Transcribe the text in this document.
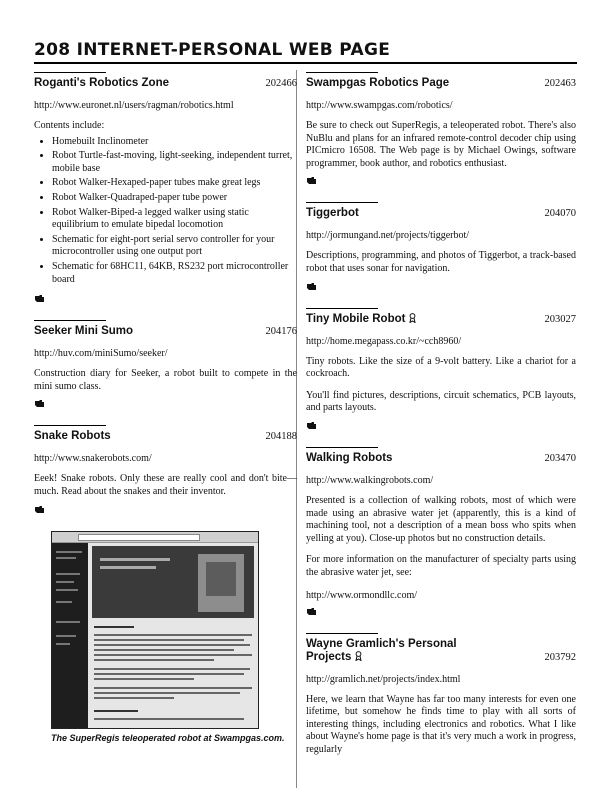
208 INTERNET-PERSONAL WEB PAGE
Roganti's Robotics Zone	202466
http://www.euronet.nl/users/ragman/robotics.html
Contents include:
• Homebuilt Inclinometer
• Robot Turtle-fast-moving, light-seeking, independent turret, mobile base
• Robot Walker-Hexaped-paper tubes make great legs
• Robot Walker-Quadraped-paper tube power
• Robot Walker-Biped-a legged walker using static equilibrium to emulate bipedal locomotion
• Schematic for eight-port serial servo controller for your microcontroller using one output port
• Schematic for 68HC11, 64KB, RS232 port microcontroller board
Seeker Mini Sumo	204176
http://huv.com/miniSumo/seeker/
Construction diary for Seeker, a robot built to compete in the mini sumo class.
Snake Robots	204188
http://www.snakerobots.com/
Eeek! Snake robots. Only these are really cool and don't bite—much. Read about the snakes and their inventor.
The SuperRegis teleoperated robot at Swampgas.com.
Swampgas Robotics Page	202463
http://www.swampgas.com/robotics/
Be sure to check out SuperRegis, a teleoperated robot. There's also NuBlu and plans for an infrared remote-control decoder chip using PICmicro 16508. The Web page is by Michael Owings, software programmer, book author, and robotics enthusiast.
Tiggerbot	204070
http://jormungand.net/projects/tiggerbot/
Descriptions, programming, and photos of Tiggerbot, a track-based robot that uses sonar for navigation.
Tiny Mobile Robot	203027
http://home.megapass.co.kr/~cch8960/
Tiny robots. Like the size of a 9-volt battery. Like a chariot for a cockroach.
You'll find pictures, descriptions, circuit schematics, PCB layouts, and parts layouts.
Walking Robots	203470
http://www.walkingrobots.com/
Presented is a collection of walking robots, most of which were made using an abrasive water jet (apparently, this is a kind of machining tool, not a description of a mean boss who spits when yelling at you). Close-up photos but no construction details.
For more information on the manufacturer of specialty parts using the abrasive water jet, see:
http://www.ormondllc.com/
Wayne Gramlich's Personal
Projects	203792
http://gramlich.net/projects/index.html
Here, we learn that Wayne has far too many interests for even one lifetime, but somehow he finds time to play with all sorts of interesting things, including electronics and robotics. What I like about Wayne's home page is that it's very much a work in progress, regularly
